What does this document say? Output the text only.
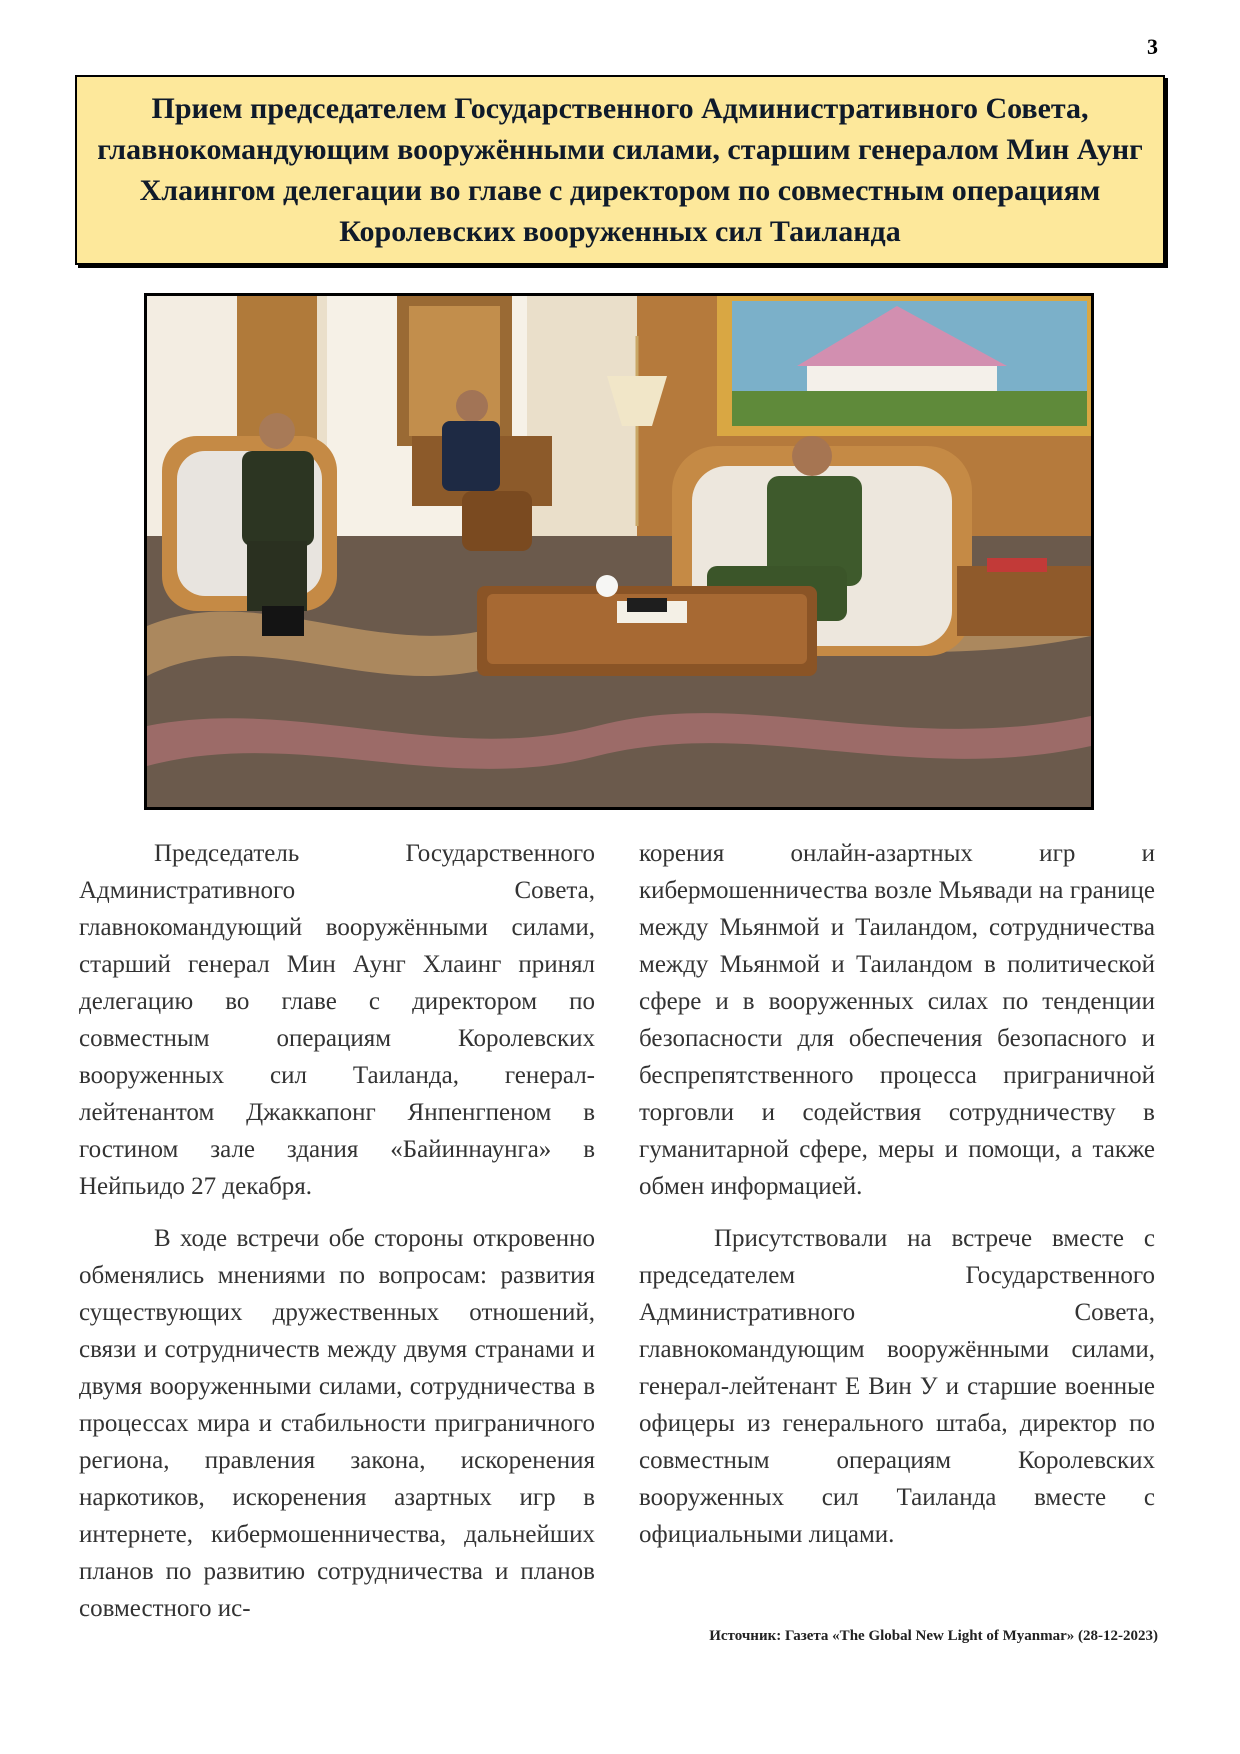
3
Прием председателем Государственного Административного Совета, главнокомандующим вооружёнными силами, старшим генералом Мин Аунг Хлаингом делегации во главе с директором по совместным операциям Королевских вооруженных сил Таиланда

Председатель Государственного Административного Совета, главнокомандующий вооружёнными силами, старший генерал Мин Аунг Хлаинг принял делегацию во главе с директором по совместным операциям Королевских вооруженных сил Таиланда, генерал-лейтенантом Джаккапонг Янпенгпеном в гостином зале здания «Байиннаунга» в Нейпьидо 27 декабря.

В ходе встречи обе стороны откровенно обменялись мнениями по вопросам: развития существующих дружественных отношений, связи и сотрудничеств между двумя странами и двумя вооруженными силами, сотрудничества в процессах мира и стабильности приграничного региона, правления закона, искоренения наркотиков, искоренения азартных игр в интернете, кибермошенничества, дальнейших планов по развитию сотрудничества и планов совместного ис-

корения онлайн-азартных игр и кибермошенничества возле Мьявади на границе между Мьянмой и Таиландом, сотрудничества между Мьянмой и Таиландом в политической сфере и в вооруженных силах по тенденции безопасности для обеспечения безопасного и беспрепятственного процесса приграничной торговли и содействия сотрудничеству в гуманитарной сфере, меры и помощи, а также обмен информацией.

Присутствовали на встрече вместе с председателем Государственного Административного Совета, главнокомандующим вооружёнными силами, генерал-лейтенант Е Вин У и старшие военные офицеры из генерального штаба, директор по совместным операциям Королевских вооруженных сил Таиланда вместе с официальными лицами.

Источник: Газета «The Global New Light of Myanmar» (28-12-2023)
